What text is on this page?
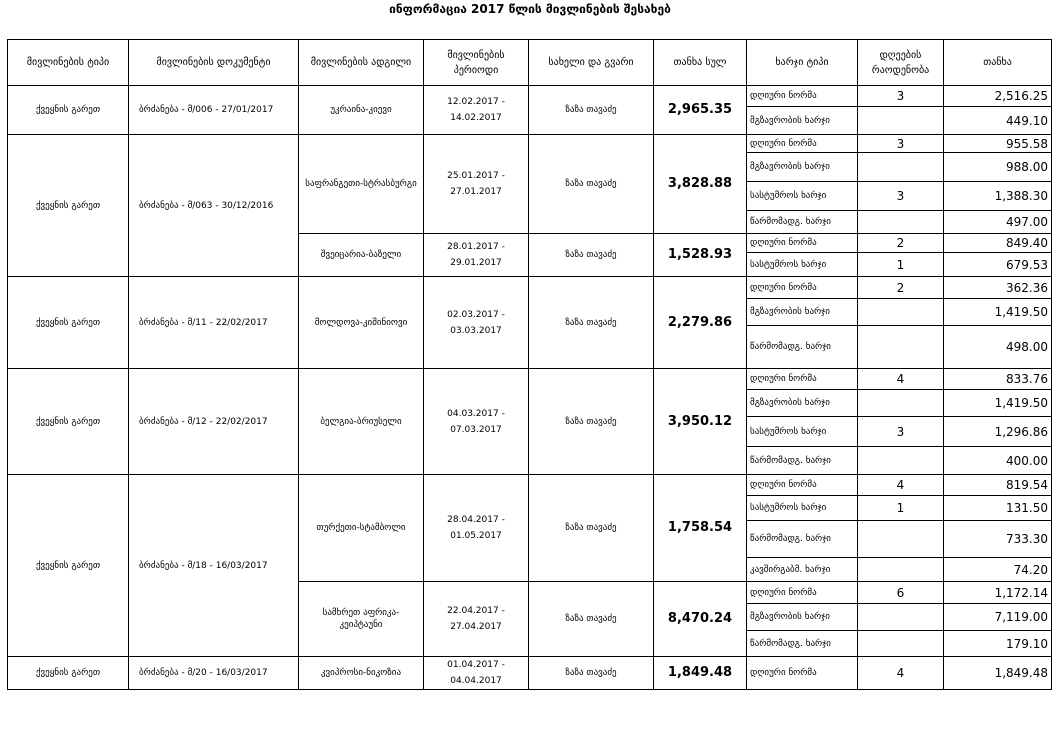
ინფორმაცია 2017 წლის მივლინების შესახებ
მივლინების ტიპი	მივლინების დოკუმენტი	მივლინების ადგილი	მივლინების პერიოდი	სახელი და გვარი	თანხა სულ	ხარჯი ტიპი	დღეების რაოდენობა	თანხა
ქვეყნის გარეთ	ბრძანება - მ/006 - 27/01/2017	უკრაინა-კიევი	12.02.2017 - 14.02.2017	ზაზა თავაძე	2,965.35	დღიური ნორმა	3	2,516.25
						მგზავრობის ხარჯი		449.10
ქვეყნის გარეთ	ბრძანება - მ/063 - 30/12/2016	საფრანგეთი-სტრასბურგი	25.01.2017 - 27.01.2017	ზაზა თავაძე	3,828.88	დღიური ნორმა	3	955.58
						მგზავრობის ხარჯი		988.00
						სასტუმროს ხარჯი	3	1,388.30
						წარმომადგ. ხარჯი		497.00
		შვეიცარია-ბაზელი	28.01.2017 - 29.01.2017	ზაზა თავაძე	1,528.93	დღიური ნორმა	2	849.40
						სასტუმროს ხარჯი	1	679.53
ქვეყნის გარეთ	ბრძანება - მ/11 - 22/02/2017	მოლდოვა-კიშინიოვი	02.03.2017 - 03.03.2017	ზაზა თავაძე	2,279.86	დღიური ნორმა	2	362.36
						მგზავრობის ხარჯი		1,419.50
						წარმომადგ. ხარჯი		498.00
ქვეყნის გარეთ	ბრძანება - მ/12 - 22/02/2017	ბელგია-ბრიუსელი	04.03.2017 - 07.03.2017	ზაზა თავაძე	3,950.12	დღიური ნორმა	4	833.76
						მგზავრობის ხარჯი		1,419.50
						სასტუმროს ხარჯი	3	1,296.86
						წარმომადგ. ხარჯი		400.00
ქვეყნის გარეთ	ბრძანება - მ/18 - 16/03/2017	თურქეთი-სტამბოლი	28.04.2017 - 01.05.2017	ზაზა თავაძე	1,758.54	დღიური ნორმა	4	819.54
						სასტუმროს ხარჯი	1	131.50
						წარმომადგ. ხარჯი		733.30
						კავშირგაბმ. ხარჯი		74.20
		სამხრეთ აფრიკა-კეიპტაუნი	22.04.2017 - 27.04.2017	ზაზა თავაძე	8,470.24	დღიური ნორმა	6	1,172.14
						მგზავრობის ხარჯი		7,119.00
						წარმომადგ. ხარჯი		179.10
ქვეყნის გარეთ	ბრძანება - მ/20 - 16/03/2017	კვიპროსი-ნიკოზია	01.04.2017 - 04.04.2017	ზაზა თავაძე	1,849.48	დღიური ნორმა	4	1,849.48
